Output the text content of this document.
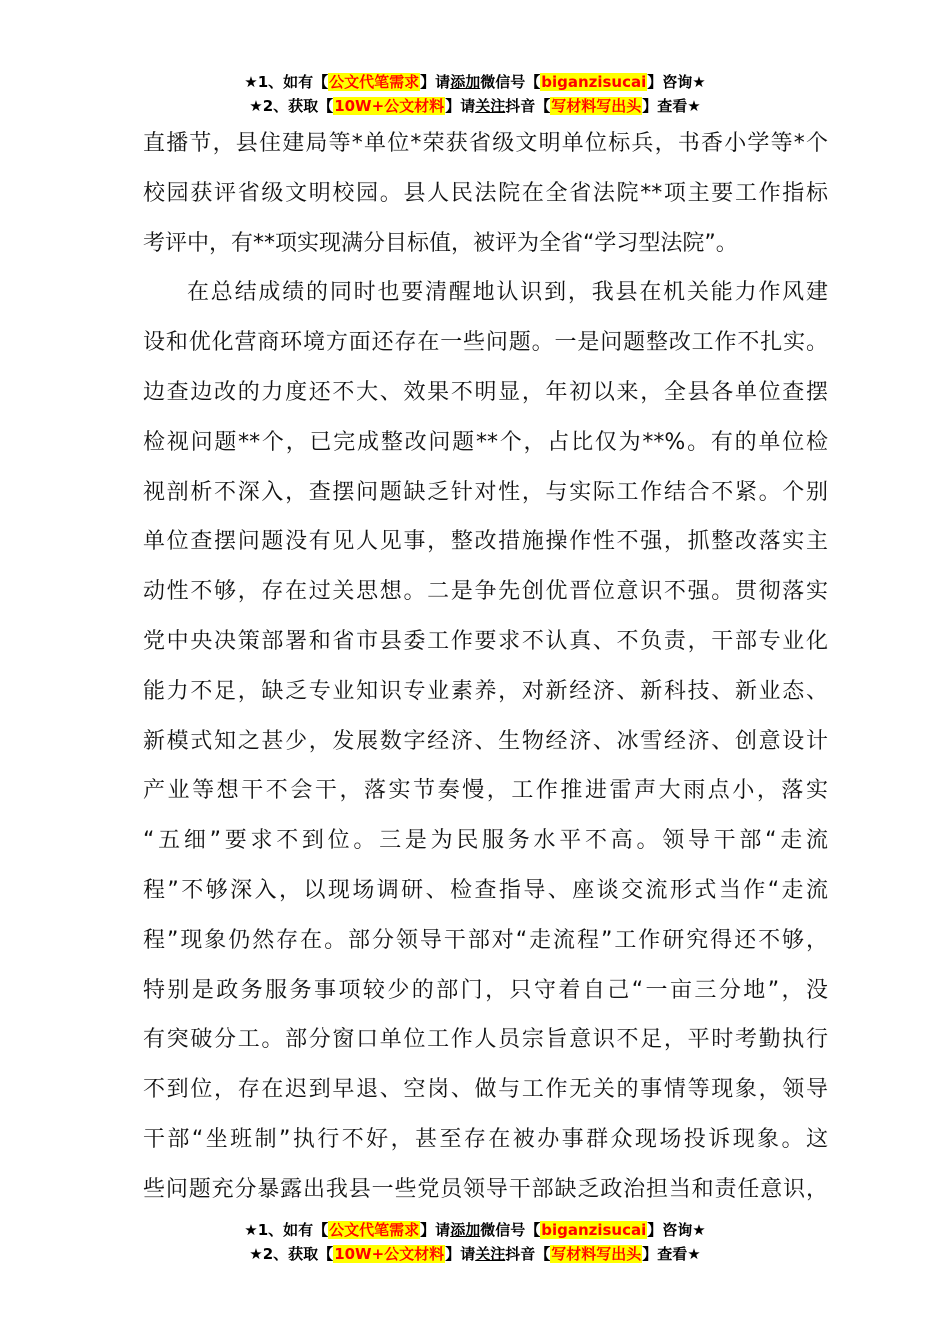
★1、如有【公文代笔需求】请添加微信号【biganzisucai】咨询★
★2、获取【10W+公文材料】请关注抖音【写材料写出头】查看★
直播节，县住建局等*单位*荣获省级文明单位标兵，书香小学等*个
校园获评省级文明校园。县人民法院在全省法院**项主要工作指标
考评中，有**项实现满分目标值，被评为全省“学习型法院”。
在总结成绩的同时也要清醒地认识到，我县在机关能力作风建
设和优化营商环境方面还存在一些问题。一是问题整改工作不扎实。
边查边改的力度还不大、效果不明显，年初以来，全县各单位查摆
检视问题**个，已完成整改问题**个，占比仅为**%。有的单位检
视剖析不深入，查摆问题缺乏针对性，与实际工作结合不紧。个别
单位查摆问题没有见人见事，整改措施操作性不强，抓整改落实主
动性不够，存在过关思想。二是争先创优晋位意识不强。贯彻落实
党中央决策部署和省市县委工作要求不认真、不负责，干部专业化
能力不足，缺乏专业知识专业素养，对新经济、新科技、新业态、
新模式知之甚少，发展数字经济、生物经济、冰雪经济、创意设计
产业等想干不会干，落实节奏慢，工作推进雷声大雨点小，落实
“五细”要求不到位。三是为民服务水平不高。领导干部“走流
程”不够深入，以现场调研、检查指导、座谈交流形式当作“走流
程”现象仍然存在。部分领导干部对“走流程”工作研究得还不够，
特别是政务服务事项较少的部门，只守着自己“一亩三分地”，没
有突破分工。部分窗口单位工作人员宗旨意识不足，平时考勤执行
不到位，存在迟到早退、空岗、做与工作无关的事情等现象，领导
干部“坐班制”执行不好，甚至存在被办事群众现场投诉现象。这
些问题充分暴露出我县一些党员领导干部缺乏政治担当和责任意识，
★1、如有【公文代笔需求】请添加微信号【biganzisucai】咨询★
★2、获取【10W+公文材料】请关注抖音【写材料写出头】查看★
